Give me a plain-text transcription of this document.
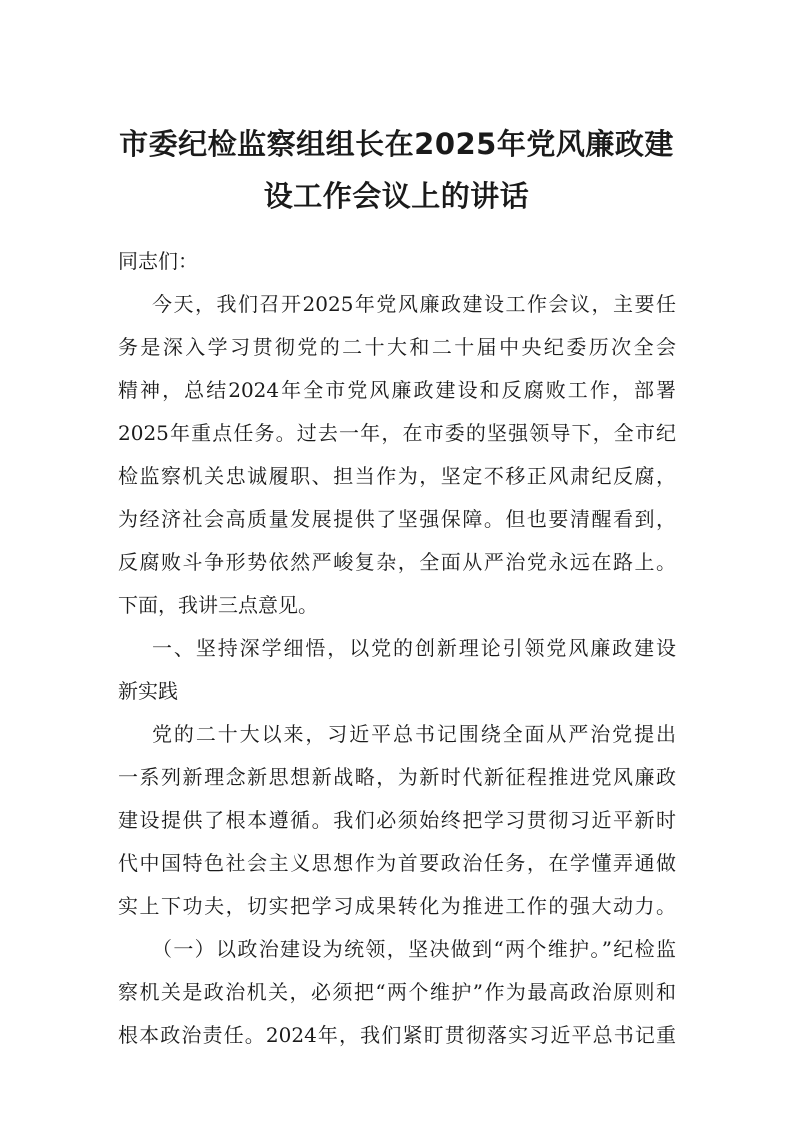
市委纪检监察组组长在2025年党风廉政建
设工作会议上的讲话

同志们：

今天，我们召开2025年党风廉政建设工作会议，主要任

务是深入学习贯彻党的二十大和二十届中央纪委历次全会

精神，总结2024年全市党风廉政建设和反腐败工作，部署

2025年重点任务。过去一年，在市委的坚强领导下，全市纪

检监察机关忠诚履职、担当作为，坚定不移正风肃纪反腐，

为经济社会高质量发展提供了坚强保障。但也要清醒看到，

反腐败斗争形势依然严峻复杂，全面从严治党永远在路上。

下面，我讲三点意见。

一、坚持深学细悟，以党的创新理论引领党风廉政建设

新实践

党的二十大以来，习近平总书记围绕全面从严治党提出

一系列新理念新思想新战略，为新时代新征程推进党风廉政

建设提供了根本遵循。我们必须始终把学习贯彻习近平新时

代中国特色社会主义思想作为首要政治任务，在学懂弄通做

实上下功夫，切实把学习成果转化为推进工作的强大动力。

（一）以政治建设为统领，坚决做到“两个维护。”纪检监

察机关是政治机关，必须把“两个维护”作为最高政治原则和

根本政治责任。2024年，我们紧盯贯彻落实习近平总书记重
